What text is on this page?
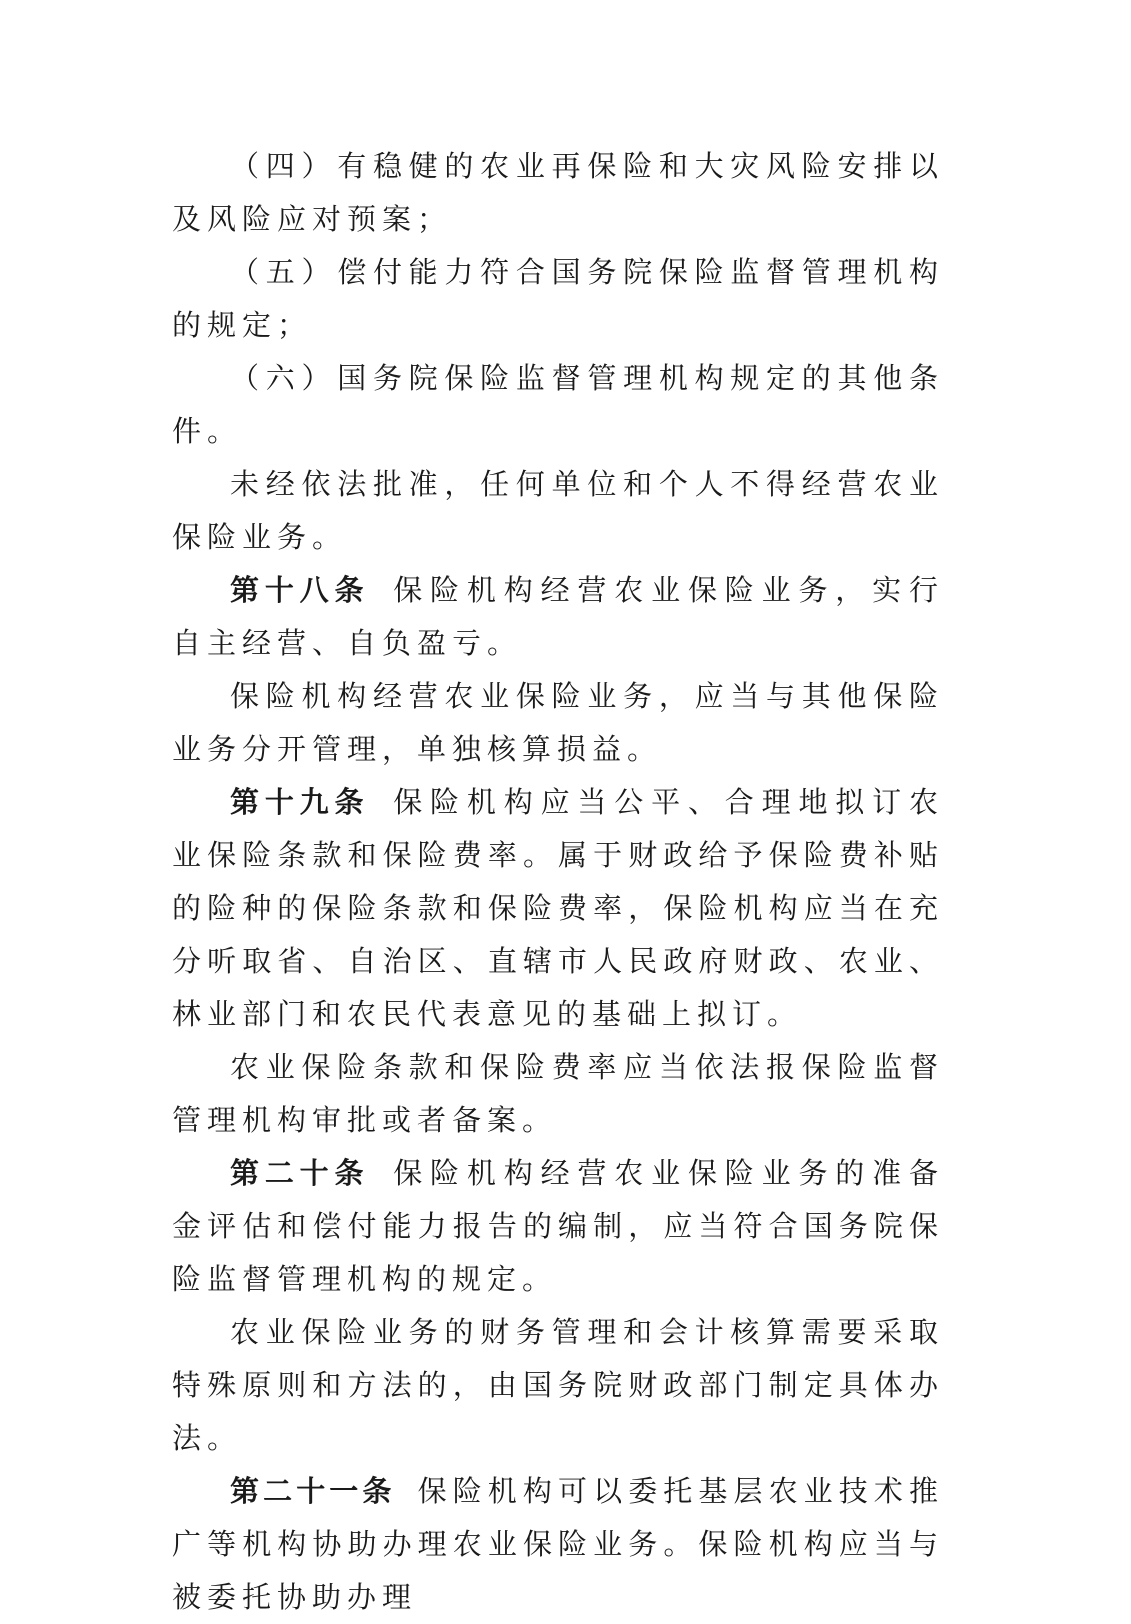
（四）有稳健的农业再保险和大灾风险安排以及风险应对预案；

（五）偿付能力符合国务院保险监督管理机构的规定；

（六）国务院保险监督管理机构规定的其他条件。

未经依法批准，任何单位和个人不得经营农业保险业务。

第十八条 保险机构经营农业保险业务，实行自主经营、自负盈亏。

保险机构经营农业保险业务，应当与其他保险业务分开管理，单独核算损益。

第十九条 保险机构应当公平、合理地拟订农业保险条款和保险费率。属于财政给予保险费补贴的险种的保险条款和保险费率，保险机构应当在充分听取省、自治区、直辖市人民政府财政、农业、林业部门和农民代表意见的基础上拟订。

农业保险条款和保险费率应当依法报保险监督管理机构审批或者备案。

第二十条 保险机构经营农业保险业务的准备金评估和偿付能力报告的编制，应当符合国务院保险监督管理机构的规定。

农业保险业务的财务管理和会计核算需要采取特殊原则和方法的，由国务院财政部门制定具体办法。

第二十一条 保险机构可以委托基层农业技术推广等机构协助办理农业保险业务。保险机构应当与被委托协助办理
